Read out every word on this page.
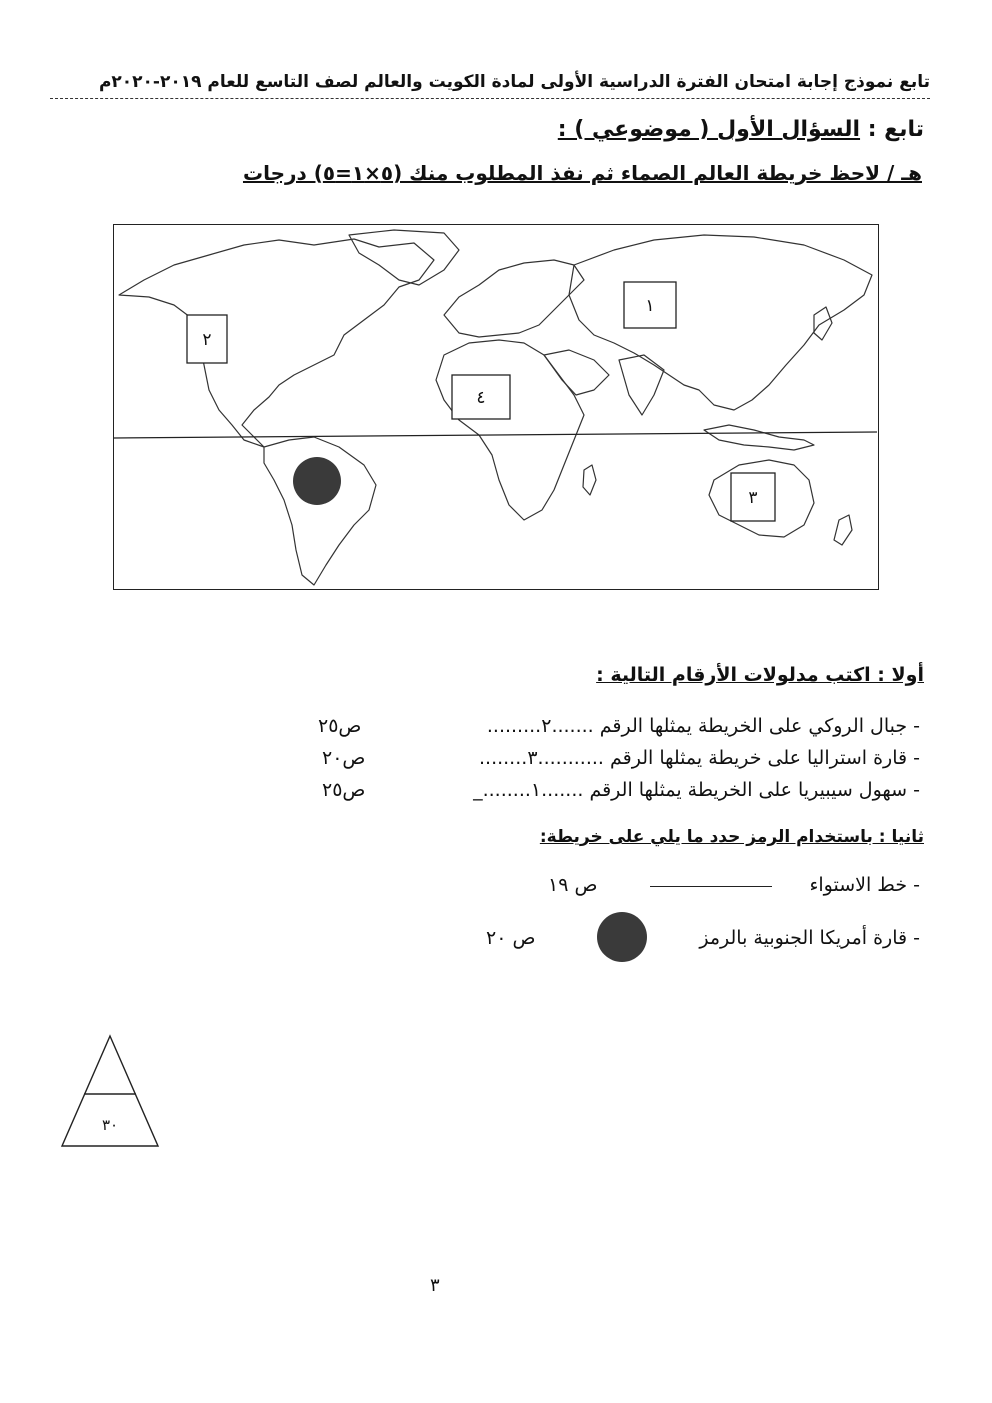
تابع نموذج إجابة امتحان الفترة الدراسية الأولى لمادة الكويت والعالم لصف التاسع للعام ٢٠١٩-٢٠٢٠م
تابع : السؤال الأول ( موضوعي ) :
هـ / لاحظ خريطة العالم الصماء ثم نفذ المطلوب منك (٥×١=٥) درجات
١
٢
٣
٤
أولا : اكتب مدلولات الأرقام التالية :
- جبال الروكي على الخريطة يمثلها الرقم .......٢.........
ص٢٥
- قارة استراليا على خريطة يمثلها الرقم ...........٣........
ص٢٠
- سهول سيبيريا على الخريطة يمثلها الرقم .......١........_
ص٢٥
ثانيا : باستخدام الرمز حدد ما يلي على خريطة:
- خط الاستواء
ص ١٩
- قارة أمريكا الجنوبية بالرمز
ص ٢٠
٣٠
٣
